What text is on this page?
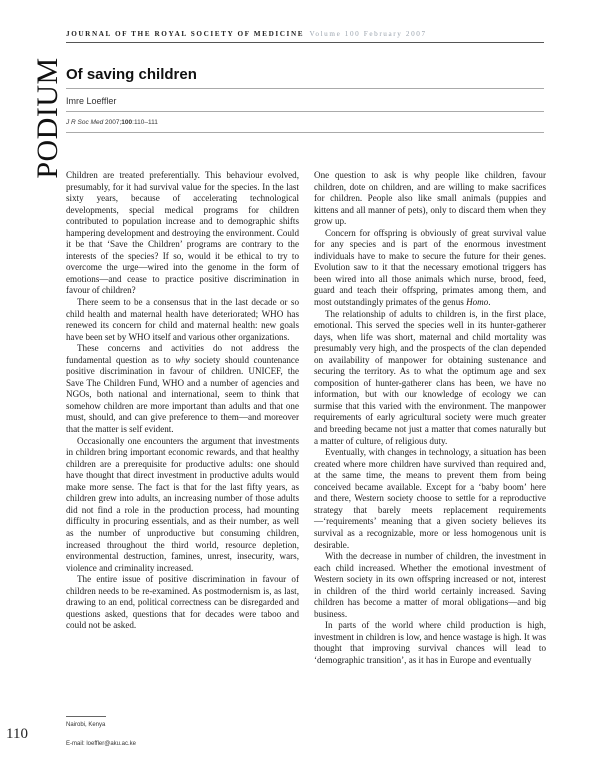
JOURNAL OF THE ROYAL SOCIETY OF MEDICINE Volume 100 February 2007
PODIUM Of saving children
Imre Loeffler
J R Soc Med 2007;100:110–111

Children are treated preferentially. This behaviour evolved, presumably, for it had survival value for the species. In the last sixty years, because of accelerating technological developments, special medical programs for children contributed to population increase and to demographic shifts hampering development and destroying the environment. Could it be that ‘Save the Children’ programs are contrary to the interests of the species? If so, would it be ethical to try to overcome the urge—wired into the genome in the form of emotions—and cease to practice positive discrimination in favour of children?

There seem to be a consensus that in the last decade or so child health and maternal health have deteriorated; WHO has renewed its concern for child and maternal health: new goals have been set by WHO itself and various other organizations.

These concerns and activities do not address the fundamental question as to why society should countenance positive discrimination in favour of children. UNICEF, the Save The Children Fund, WHO and a number of agencies and NGOs, both national and international, seem to think that somehow children are more important than adults and that one must, should, and can give preference to them—and moreover that the matter is self evident.

Occasionally one encounters the argument that investments in children bring important economic rewards, and that healthy children are a prerequisite for productive adults: one should have thought that direct investment in productive adults would make more sense. The fact is that for the last fifty years, as children grew into adults, an increasing number of those adults did not find a role in the production process, had mounting difficulty in procuring essentials, and as their number, as well as the number of unproductive but consuming children, increased throughout the third world, resource depletion, environmental destruction, famines, unrest, insecurity, wars, violence and criminality increased.

The entire issue of positive discrimination in favour of children needs to be re-examined. As postmodernism is, as last, drawing to an end, political correctness can be disregarded and questions asked, questions that for decades were taboo and could not be asked.

One question to ask is why people like children, favour children, dote on children, and are willing to make sacrifices for children. People also like small animals (puppies and kittens and all manner of pets), only to discard them when they grow up.

Concern for offspring is obviously of great survival value for any species and is part of the enormous investment individuals have to make to secure the future for their genes. Evolution saw to it that the necessary emotional triggers has been wired into all those animals which nurse, brood, feed, guard and teach their offspring, primates among them, and most outstandingly primates of the genus Homo.

The relationship of adults to children is, in the first place, emotional. This served the species well in its hunter-gatherer days, when life was short, maternal and child mortality was presumably very high, and the prospects of the clan depended on availability of manpower for obtaining sustenance and securing the territory. As to what the optimum age and sex composition of hunter-gatherer clans has been, we have no information, but with our knowledge of ecology we can surmise that this varied with the environment. The manpower requirements of early agricultural society were much greater and breeding became not just a matter that comes naturally but a matter of culture, of religious duty.

Eventually, with changes in technology, a situation has been created where more children have survived than required and, at the same time, the means to prevent them from being conceived became available. Except for a ‘baby boom’ here and there, Western society choose to settle for a reproductive strategy that barely meets replacement requirements—‘requirements’ meaning that a given society believes its survival as a recognizable, more or less homogenous unit is desirable.

With the decrease in number of children, the investment in each child increased. Whether the emotional investment of Western society in its own offspring increased or not, interest in children of the third world certainly increased. Saving children has become a matter of moral obligations—and big business.

In parts of the world where child production is high, investment in children is low, and hence wastage is high. It was thought that improving survival chances will lead to ‘demographic transition’, as it has in Europe and eventually

Nairobi, Kenya
E-mail: loeffler@aku.ac.ke
110
